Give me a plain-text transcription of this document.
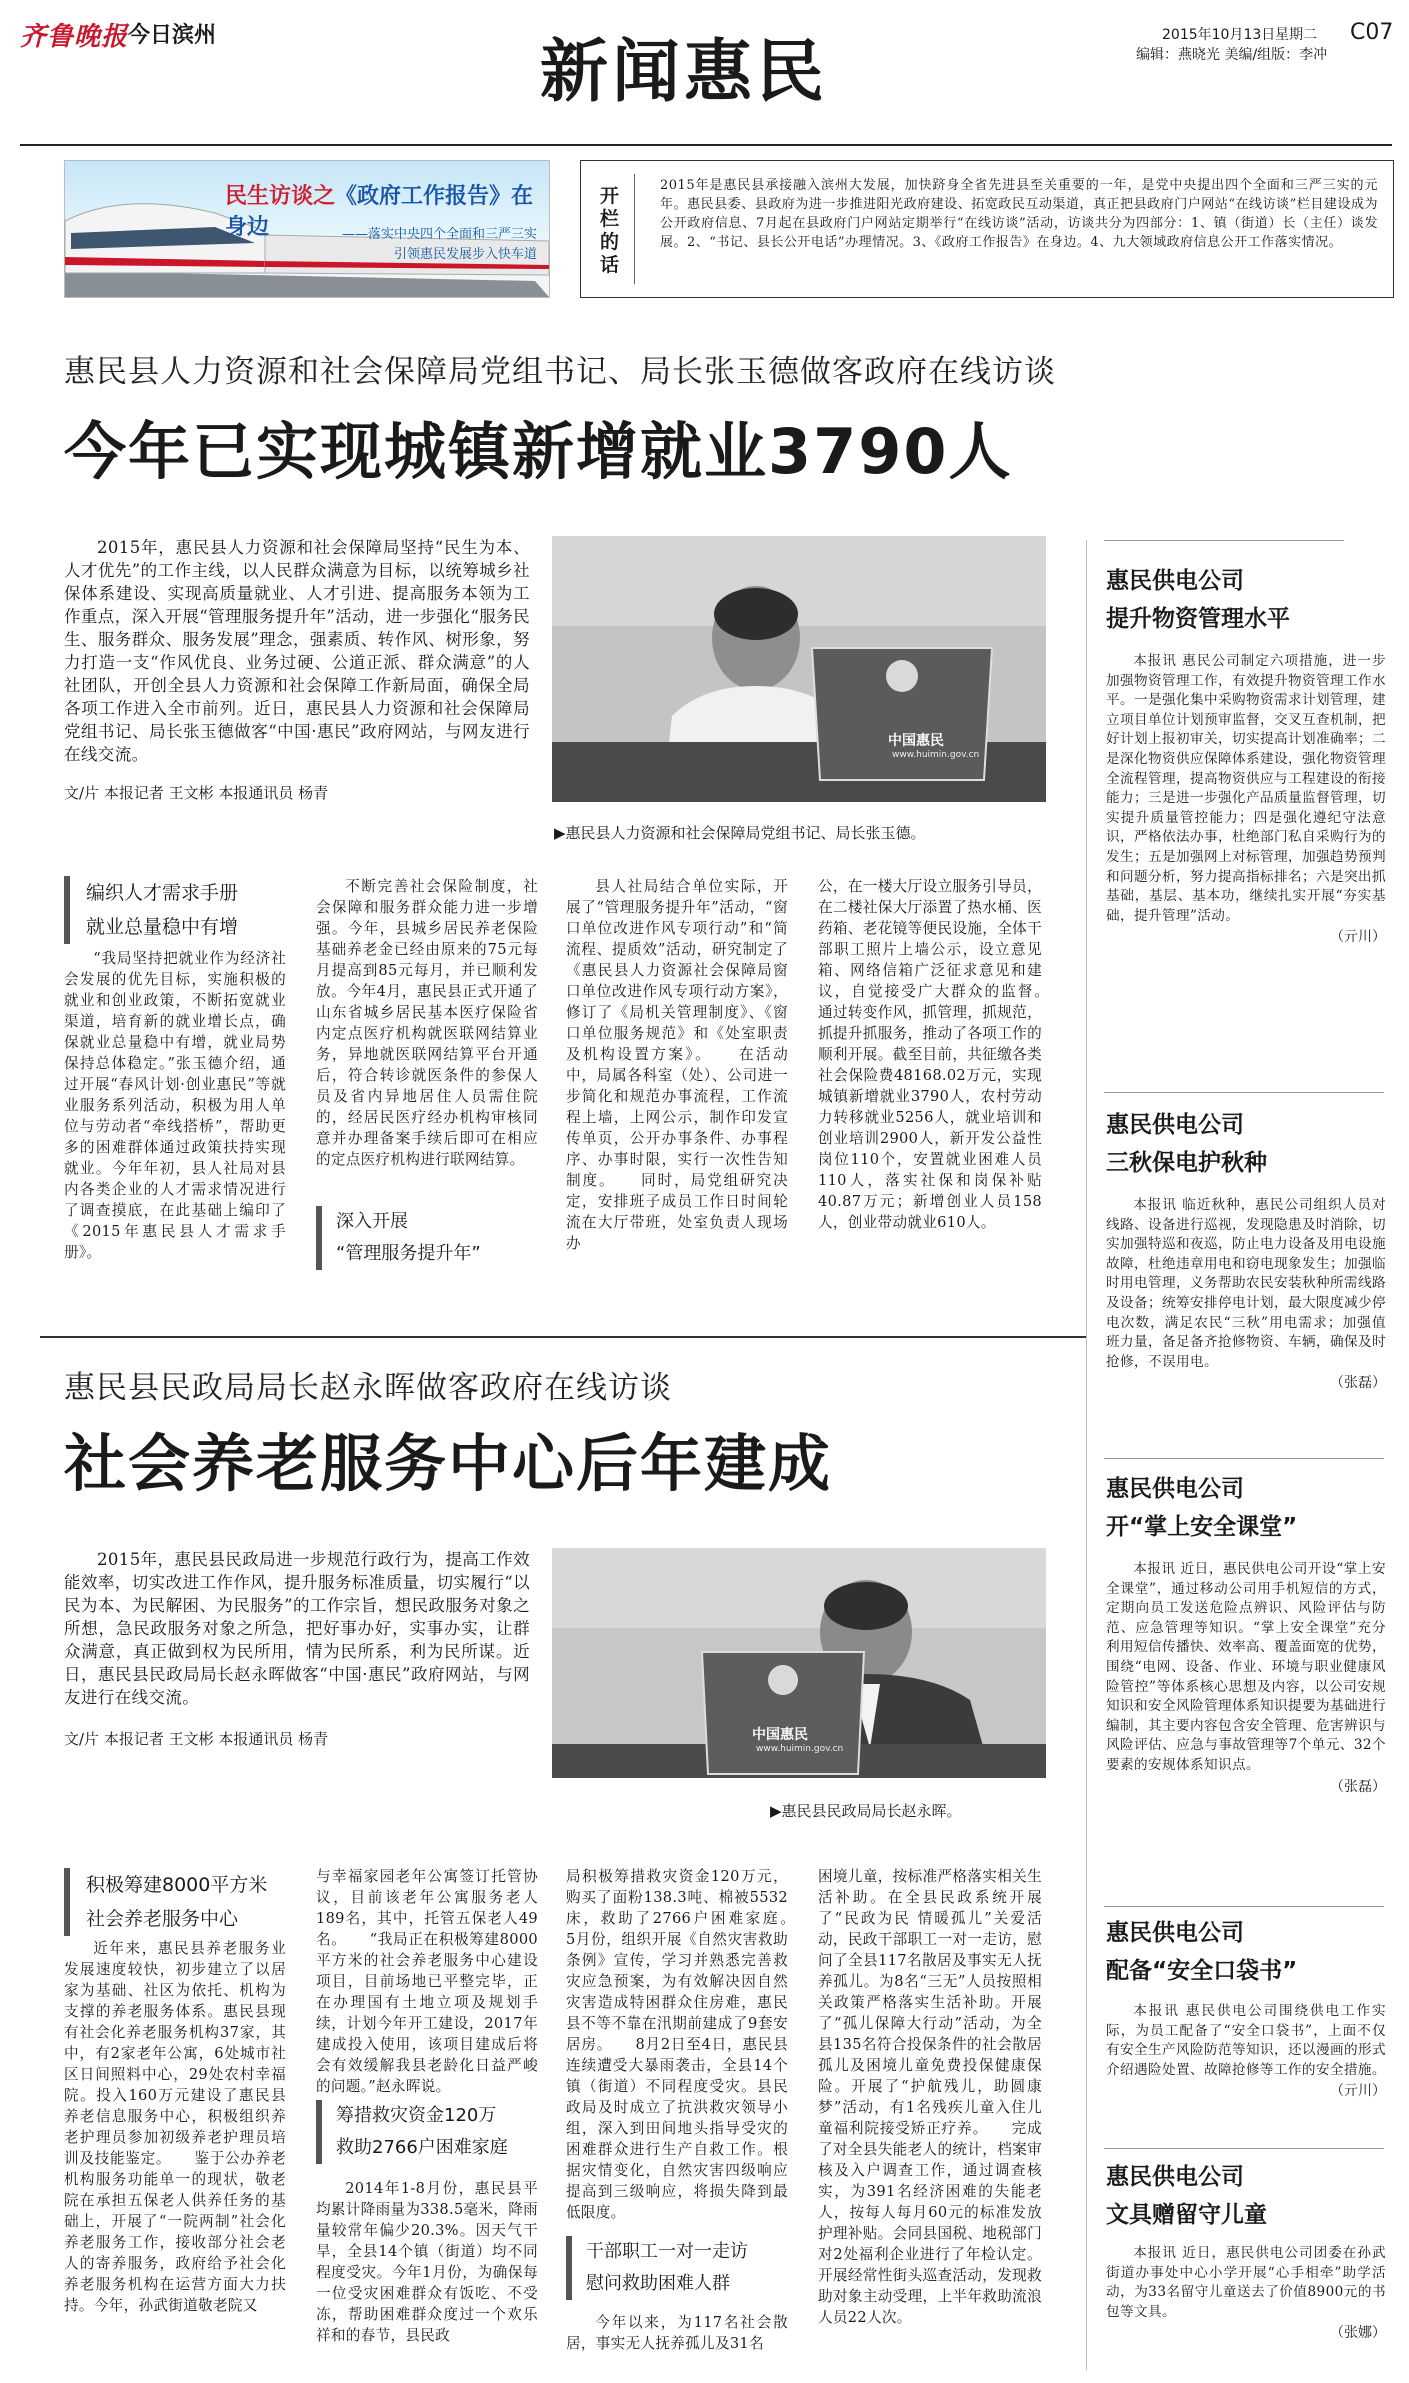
齐鲁晚报 今日滨州	新闻惠民	2015年10月13日 星期二 C07
编辑：燕晓光 美编/组版：李冲
民生访谈之《政府工作报告》在身边	——落实中央四个全面和三严三实
引领惠民发展步入快车道
开栏的话
2015年是惠民县承接融入滨州大发展，加快跻身全省先进县至关重要的一年，是党中央提出四个全面和三严三实的元年。惠民县委、县政府为进一步推进阳光政府建设、拓宽政民互动渠道，真正把县政府门户网站“在线访谈”栏目建设成为公开政府信息、7月起在县政府门户网站定期举行“在线访谈”活动，访谈共分为四部分：1、镇（街道）长（主任）谈发展。2、“书记、县长公开电话”办理情况。3、《政府工作报告》在身边。4、九大领域政府信息公开工作落实情况。
惠民县人力资源和社会保障局党组书记、局长张玉德做客政府在线访谈
今年已实现城镇新增就业3790人
2015年，惠民县人力资源和社会保障局坚持“民生为本、人才优先”的工作主线，以人民群众满意为目标，以统筹城乡社保体系建设、实现高质量就业、人才引进、提高服务本领为工作重点，深入开展“管理服务提升年”活动，进一步强化“服务民生、服务群众、服务发展”理念，强素质、转作风、树形象，努力打造一支“作风优良、业务过硬、公道正派、群众满意”的人社团队，开创全县人力资源和社会保障工作新局面，确保全局各项工作进入全市前列。近日，惠民县人力资源和社会保障局党组书记、局长张玉德做客“中国·惠民”政府网站，与网友进行在线交流。
文/片 本报记者 王文彬 本报通讯员 杨青
中国惠民
www.huimin.gov.cn
▶惠民县人力资源和社会保障局党组书记、局长张玉德。
编织人才需求手册
就业总量稳中有增
“我局坚持把就业作为经济社会发展的优先目标，实施积极的就业和创业政策，不断拓宽就业渠道，培育新的就业增长点，确保就业总量稳中有增，就业局势保持总体稳定。”张玉德介绍，通过开展“春风计划·创业惠民”等就业服务系列活动，积极为用人单位与劳动者“牵线搭桥”，帮助更多的困难群体通过政策扶持实现就业。今年年初，县人社局对县内各类企业的人才需求情况进行了调查摸底，在此基础上编印了《2015年惠民县人才需求手册》。
不断完善社会保险制度，社会保障和服务群众能力进一步增强。今年，县城乡居民养老保险基础养老金已经由原来的75元每月提高到85元每月，并已顺利发放。今年4月，惠民县正式开通了山东省城乡居民基本医疗保险省内定点医疗机构就医联网结算业务，异地就医联网结算平台开通后，符合转诊就医条件的参保人员及省内异地居住人员需住院的，经居民医疗经办机构审核同意并办理备案手续后即可在相应的定点医疗机构进行联网结算。
深入开展
“管理服务提升年”
县人社局结合单位实际，开展了“管理服务提升年”活动，“窗口单位改进作风专项行动”和“简流程、提质效”活动，研究制定了《惠民县人力资源社会保障局窗口单位改进作风专项行动方案》，修订了《局机关管理制度》、《窗口单位服务规范》和《处室职责及机构设置方案》。　　在活动中，局属各科室（处）、公司进一步简化和规范办事流程，工作流程上墙，上网公示，制作印发宣传单页，公开办事条件、办事程序、办事时限，实行一次性告知制度。　　同时，局党组研究决定，安排班子成员工作日时间轮流在大厅带班，处室负责人现场办
公，在一楼大厅设立服务引导员，在二楼社保大厅添置了热水桶、医药箱、老花镜等便民设施，全体干部职工照片上墙公示，设立意见箱、网络信箱广泛征求意见和建议，自觉接受广大群众的监督。　　通过转变作风，抓管理，抓规范，抓提升抓服务，推动了各项工作的顺利开展。截至目前，共征缴各类社会保险费48168.02万元，实现城镇新增就业3790人，农村劳动力转移就业5256人，就业培训和创业培训2900人，新开发公益性岗位110个，安置就业困难人员110人，落实社保和岗保补贴40.87万元；新增创业人员158人，创业带动就业610人。
惠民县民政局局长赵永晖做客政府在线访谈
社会养老服务中心后年建成
2015年，惠民县民政局进一步规范行政行为，提高工作效能效率，切实改进工作作风，提升服务标准质量，切实履行“以民为本、为民解困、为民服务”的工作宗旨，想民政服务对象之所想，急民政服务对象之所急，把好事办好，实事办实，让群众满意，真正做到权为民所用，情为民所系，利为民所谋。近日，惠民县民政局局长赵永晖做客“中国·惠民”政府网站，与网友进行在线交流。
文/片 本报记者 王文彬 本报通讯员 杨青	中国惠民
www.huimin.gov.cn
▶惠民县民政局局长赵永晖。
积极筹建8000平方米
社会养老服务中心
近年来，惠民县养老服务业发展速度较快，初步建立了以居家为基础、社区为依托、机构为支撑的养老服务体系。惠民县现有社会化养老服务机构37家，其中，有2家老年公寓，6处城市社区日间照料中心，29处农村幸福院。投入160万元建设了惠民县养老信息服务中心，积极组织养老护理员参加初级养老护理员培训及技能鉴定。　　鉴于公办养老机构服务功能单一的现状，敬老院在承担五保老人供养任务的基础上，开展了“一院两制”社会化养老服务工作，接收部分社会老人的寄养服务，政府给予社会化养老服务机构在运营方面大力扶持。今年，孙武街道敬老院又
与幸福家园老年公寓签订托管协议，目前该老年公寓服务老人189名，其中，托管五保老人49名。　　“我局正在积极筹建8000平方米的社会养老服务中心建设项目，目前场地已平整完毕，正在办理国有土地立项及规划手续，计划今年开工建设，2017年建成投入使用，该项目建成后将会有效缓解我县老龄化日益严峻的问题。”赵永晖说。
筹措救灾资金120万
救助2766户困难家庭
2014年1-8月份，惠民县平均累计降雨量为338.5毫米，降雨量较常年偏少20.3%。因天气干旱，全县14个镇（街道）均不同程度受灾。今年1月份，为确保每一位受灾困难群众有饭吃、不受冻，帮助困难群众度过一个欢乐祥和的春节，县民政
局积极筹措救灾资金120万元，购买了面粉138.3吨、棉被5532床，救助了2766户困难家庭。　　5月份，组织开展《自然灾害救助条例》宣传，学习并熟悉完善救灾应急预案，为有效解决因自然灾害造成特困群众住房难，惠民县不等不靠在汛期前建成了9套安居房。　　8月2日至4日，惠民县连续遭受大暴雨袭击，全县14个镇（街道）不同程度受灾。县民政局及时成立了抗洪救灾领导小组，深入到田间地头指导受灾的困难群众进行生产自救工作。根据灾情变化，自然灾害四级响应提高到三级响应，将损失降到最低限度。
干部职工一对一走访
慰问救助困难人群
今年以来，为117名社会散居，事实无人抚养孤儿及31名
困境儿童，按标准严格落实相关生活补助。在全县民政系统开展了“民政为民 情暖孤儿”关爱活动，民政干部职工一对一走访，慰问了全县117名散居及事实无人抚养孤儿。为8名“三无”人员按照相关政策严格落实生活补助。开展了“孤儿保障大行动”活动，为全县135名符合投保条件的社会散居孤儿及困境儿童免费投保健康保险。开展了“护航残儿，助圆康梦”活动，有1名残疾儿童入住儿童福利院接受矫正疗养。　　完成了对全县失能老人的统计，档案审核及入户调查工作，通过调查核实，为391名经济困难的失能老人，按每人每月60元的标准发放护理补贴。会同县国税、地税部门对2处福利企业进行了年检认定。开展经常性街头巡查活动，发现救助对象主动受理，上半年救助流浪人员22人次。
惠民供电公司
提升物资管理水平
本报讯 惠民公司制定六项措施，进一步加强物资管理工作，有效提升物资管理工作水平。一是强化集中采购物资需求计划管理，建立项目单位计划预审监督，交叉互查机制，把好计划上报初审关，切实提高计划准确率；二是深化物资供应保障体系建设，强化物资管理全流程管理，提高物资供应与工程建设的衔接能力；三是进一步强化产品质量监督管理，切实提升质量管控能力；四是强化遵纪守法意识，严格依法办事，杜绝部门私自采购行为的发生；五是加强网上对标管理，加强趋势预判和问题分析，努力提高指标排名；六是突出抓基础，基层、基本功，继续扎实开展“夯实基础，提升管理”活动。
（亓川）
惠民供电公司
三秋保电护秋种
本报讯 临近秋种，惠民公司组织人员对线路、设备进行巡视，发现隐患及时消除，切实加强特巡和夜巡，防止电力设备及用电设施故障，杜绝违章用电和窃电现象发生；加强临时用电管理，义务帮助农民安装秋种所需线路及设备；统筹安排停电计划，最大限度减少停电次数，满足农民“三秋”用电需求；加强值班力量，备足备齐抢修物资、车辆，确保及时抢修，不误用电。
（张磊）
惠民供电公司
开“掌上安全课堂”
本报讯 近日，惠民供电公司开设“掌上安全课堂”，通过移动公司用手机短信的方式，定期向员工发送危险点辨识、风险评估与防范、应急管理等知识。“掌上安全课堂”充分利用短信传播快、效率高、覆盖面宽的优势，围绕“电网、设备、作业、环境与职业健康风险管控”等体系核心思想及内容，以公司安规知识和安全风险管理体系知识提要为基础进行编制，其主要内容包含安全管理、危害辨识与风险评估、应急与事故管理等7个单元、32个要素的安规体系知识点。
（张磊）
惠民供电公司
配备“安全口袋书”
本报讯 惠民供电公司围绕供电工作实际，为员工配备了“安全口袋书”，上面不仅有安全生产风险防范等知识，还以漫画的形式介绍遇险处置、故障抢修等工作的安全措施。
（亓川）
惠民供电公司
文具赠留守儿童
本报讯 近日，惠民供电公司团委在孙武街道办事处中心小学开展“心手相牵”助学活动，为33名留守儿童送去了价值8900元的书包等文具。
（张娜）
